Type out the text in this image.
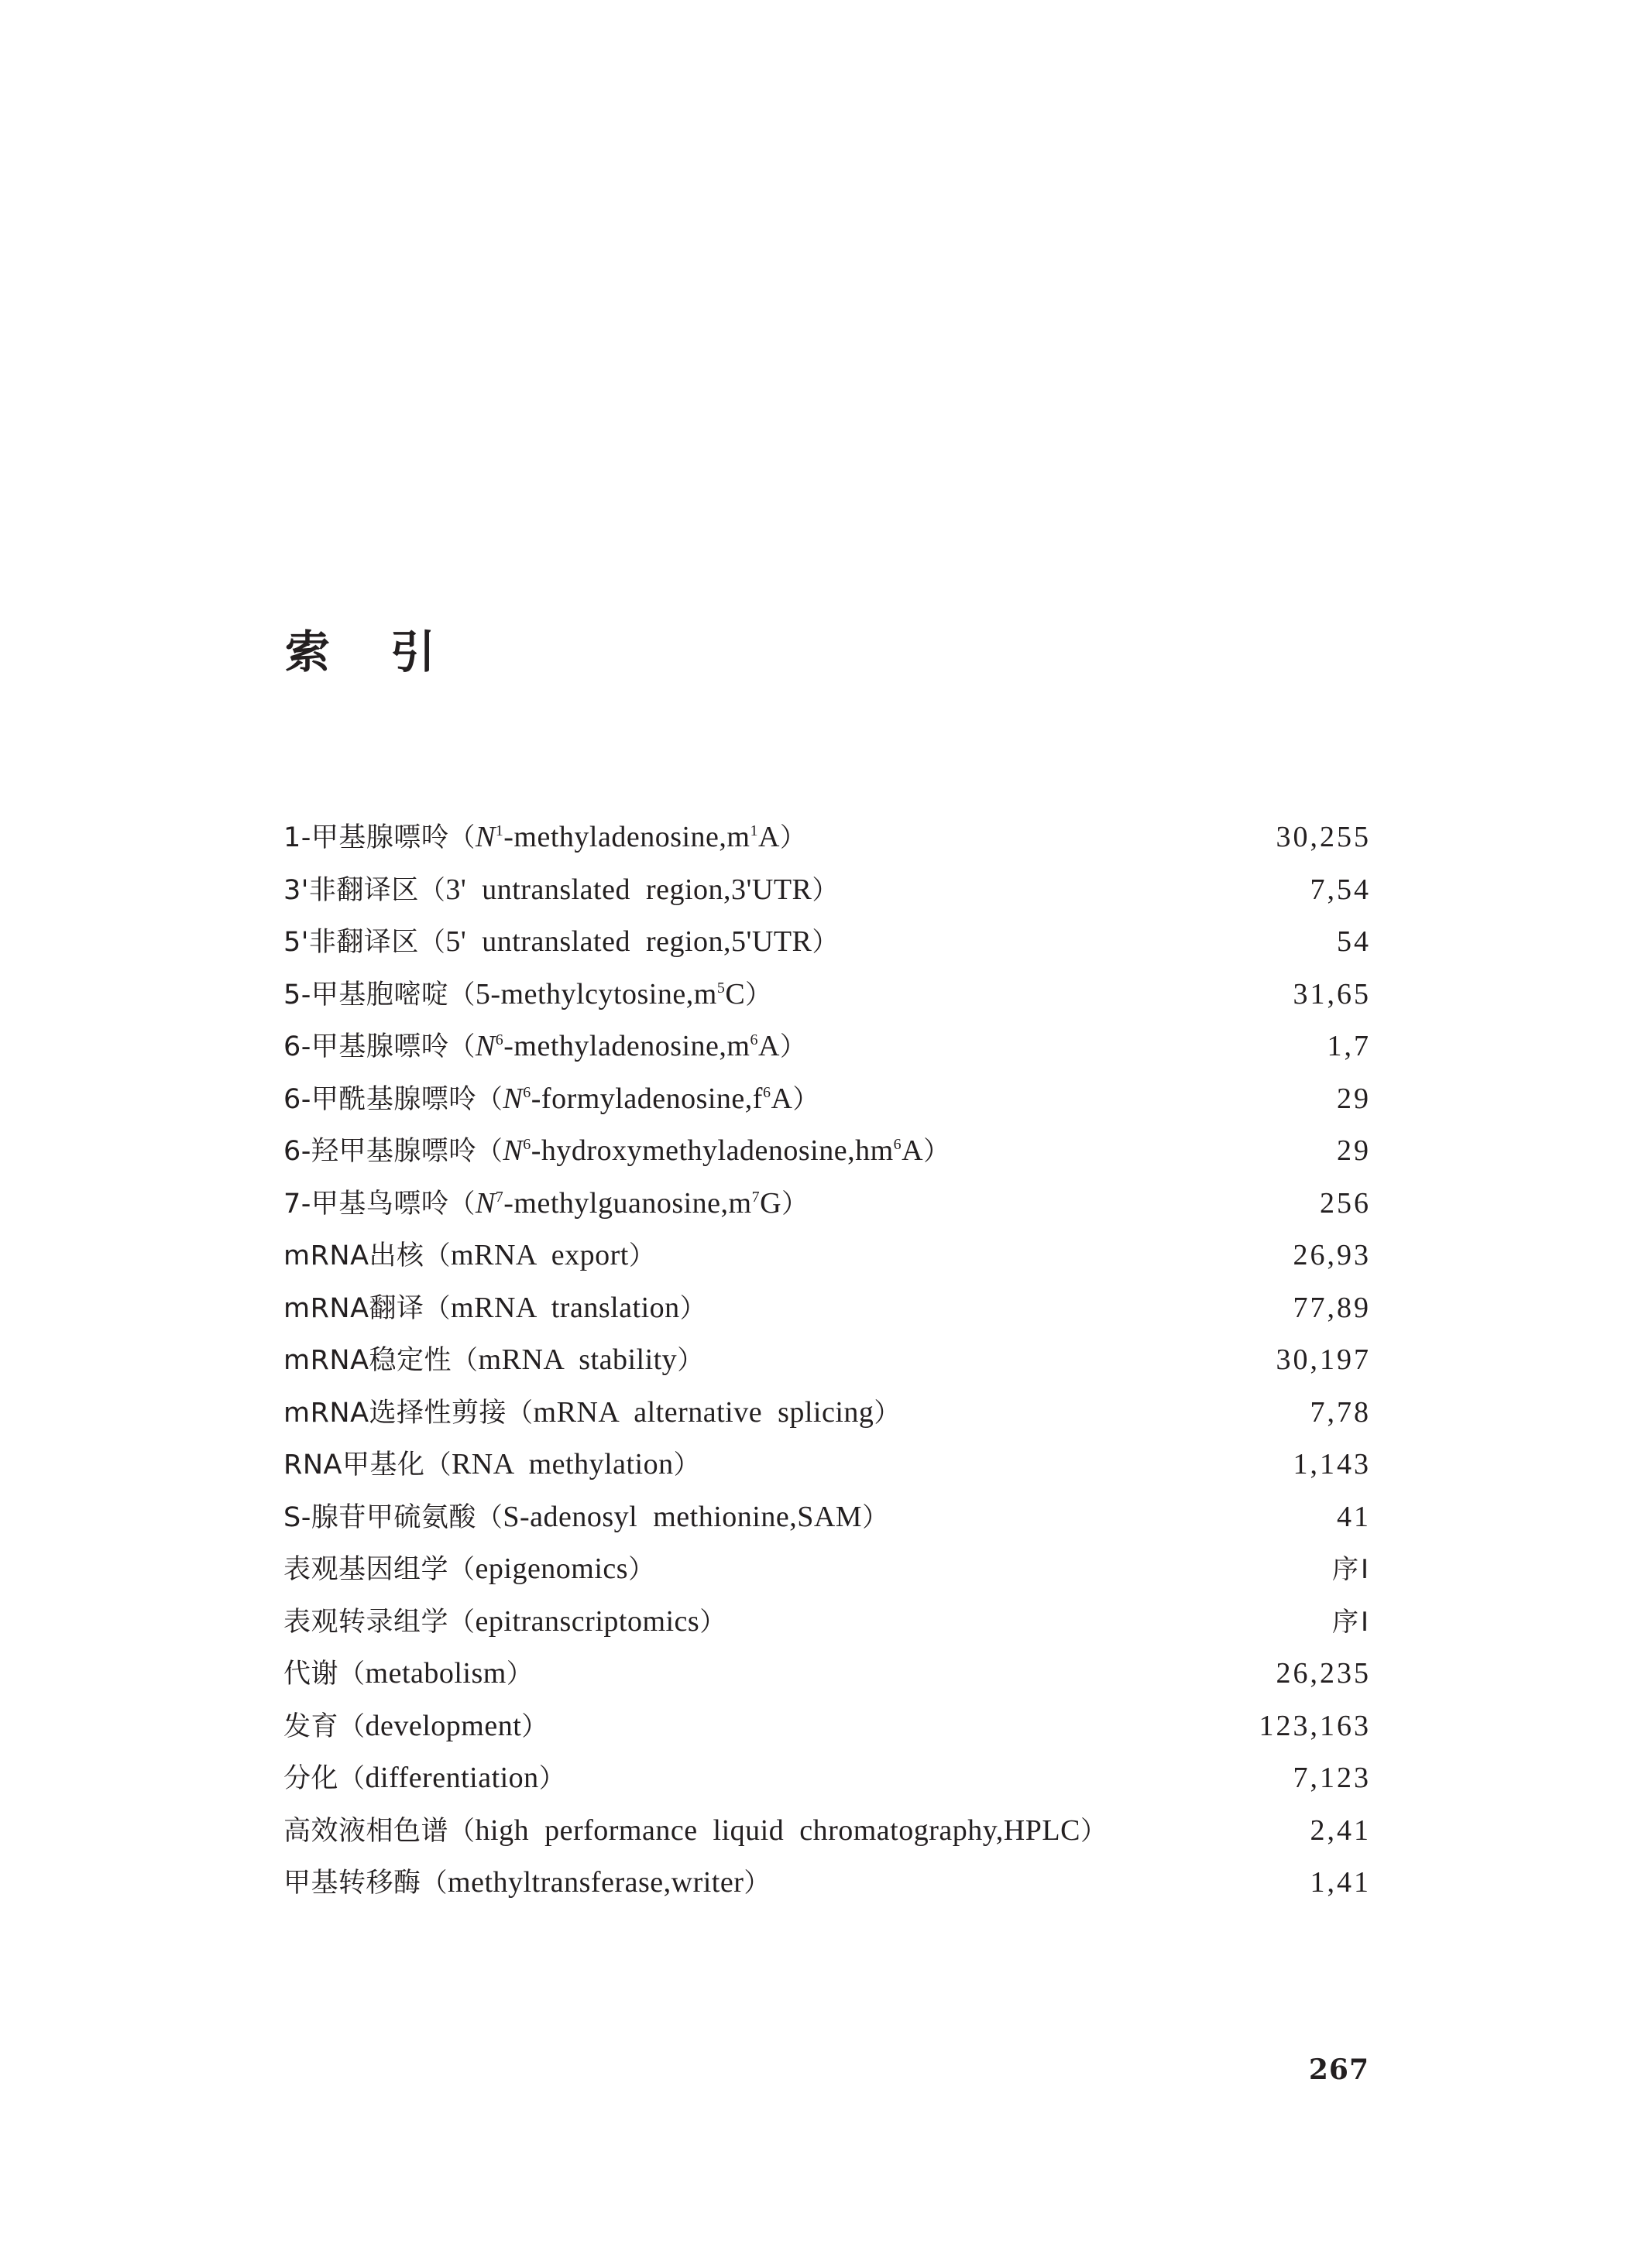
索 引
1-甲基腺嘌呤$(N^1-methyladenosine,m^1A)$	30,255
3'非翻译区（3' untranslated region,3'UTR）	7,54
5'非翻译区（5' untranslated region,5'UTR）	54
5-甲基胞嘧啶$(5-methylcytosine,m^5C)$	31,65
6-甲基腺嘌呤$(N^6-methyladenosine,m^6A)$	1,7
6-甲酰基腺嘌呤$(N^6-formyladenosine,f^6A)$	29
6-羟甲基腺嘌呤$(N^6-hydroxymethyladenosine,hm^6A)$	29
7-甲基鸟嘌呤$(N^7-methylguanosine,m^7G)$	256
mRNA出核（mRNA export）	26,93
mRNA翻译（mRNA translation）	77,89
mRNA稳定性（mRNA stability）	30,197
mRNA选择性剪接（mRNA alternative splicing）	7,78
RNA甲基化（RNA methylation）	1,143
S-腺苷甲硫氨酸（S-adenosyl methionine,SAM）	41
表观基因组学（epigenomics）	序Ⅰ
表观转录组学（epitranscriptomics）	序Ⅰ
代谢（metabolism）	26,235
发育（development）	123,163
分化（differentiation）	7,123
高效液相色谱（high performance liquid chromatography,HPLC）	2,41
甲基转移酶（methyltransferase,writer）	1,41
267
